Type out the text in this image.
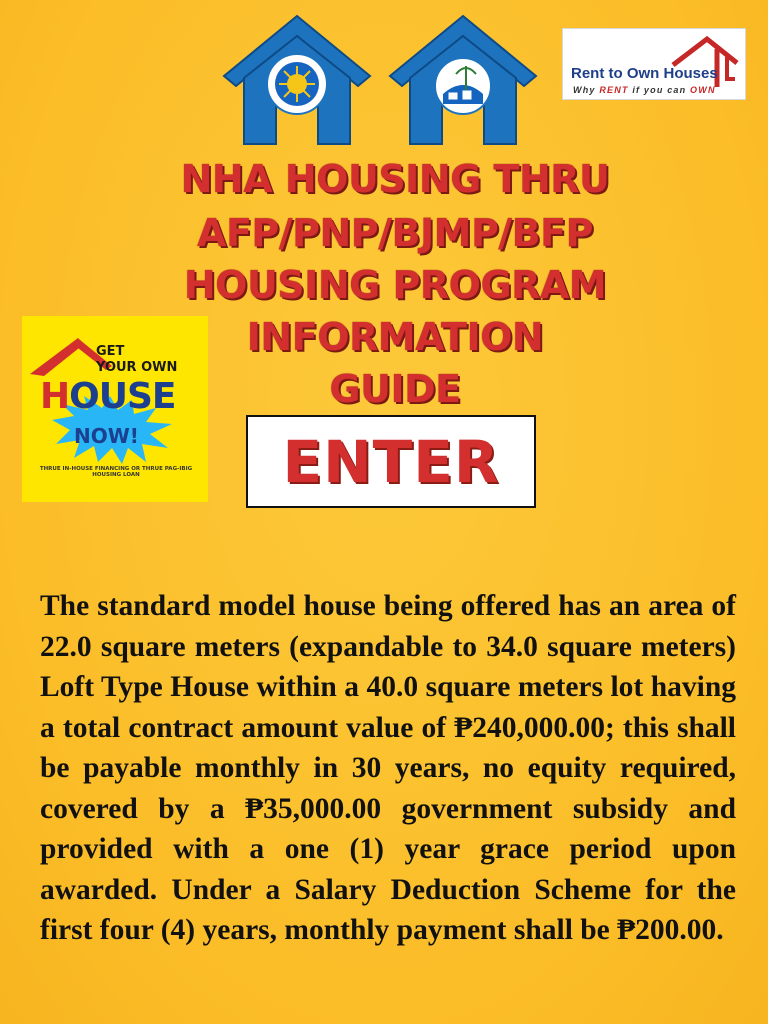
Rent to Own Houses
Why RENT if you can OWN
NHA HOUSING THRU
AFP/PNP/BJMP/BFP
HOUSING PROGRAM
INFORMATION
GUIDE
GET
YOUR OWN
HOUSE
NOW!
THRUE IN-HOUSE FINANCING OR THRUE PAG-IBIG HOUSING LOAN	ENTER

The standard model house being offered has an area of 22.0 square meters (expandable to 34.0 square meters) Loft Type House within a 40.0 square meters lot having a total contract amount value of ₱240,000.00; this shall be payable monthly in 30 years, no equity required, covered by a ₱35,000.00 government subsidy and provided with a one (1) year grace period upon awarded. Under a Salary Deduction Scheme for the first four (4) years, monthly payment shall be ₱200.00.
